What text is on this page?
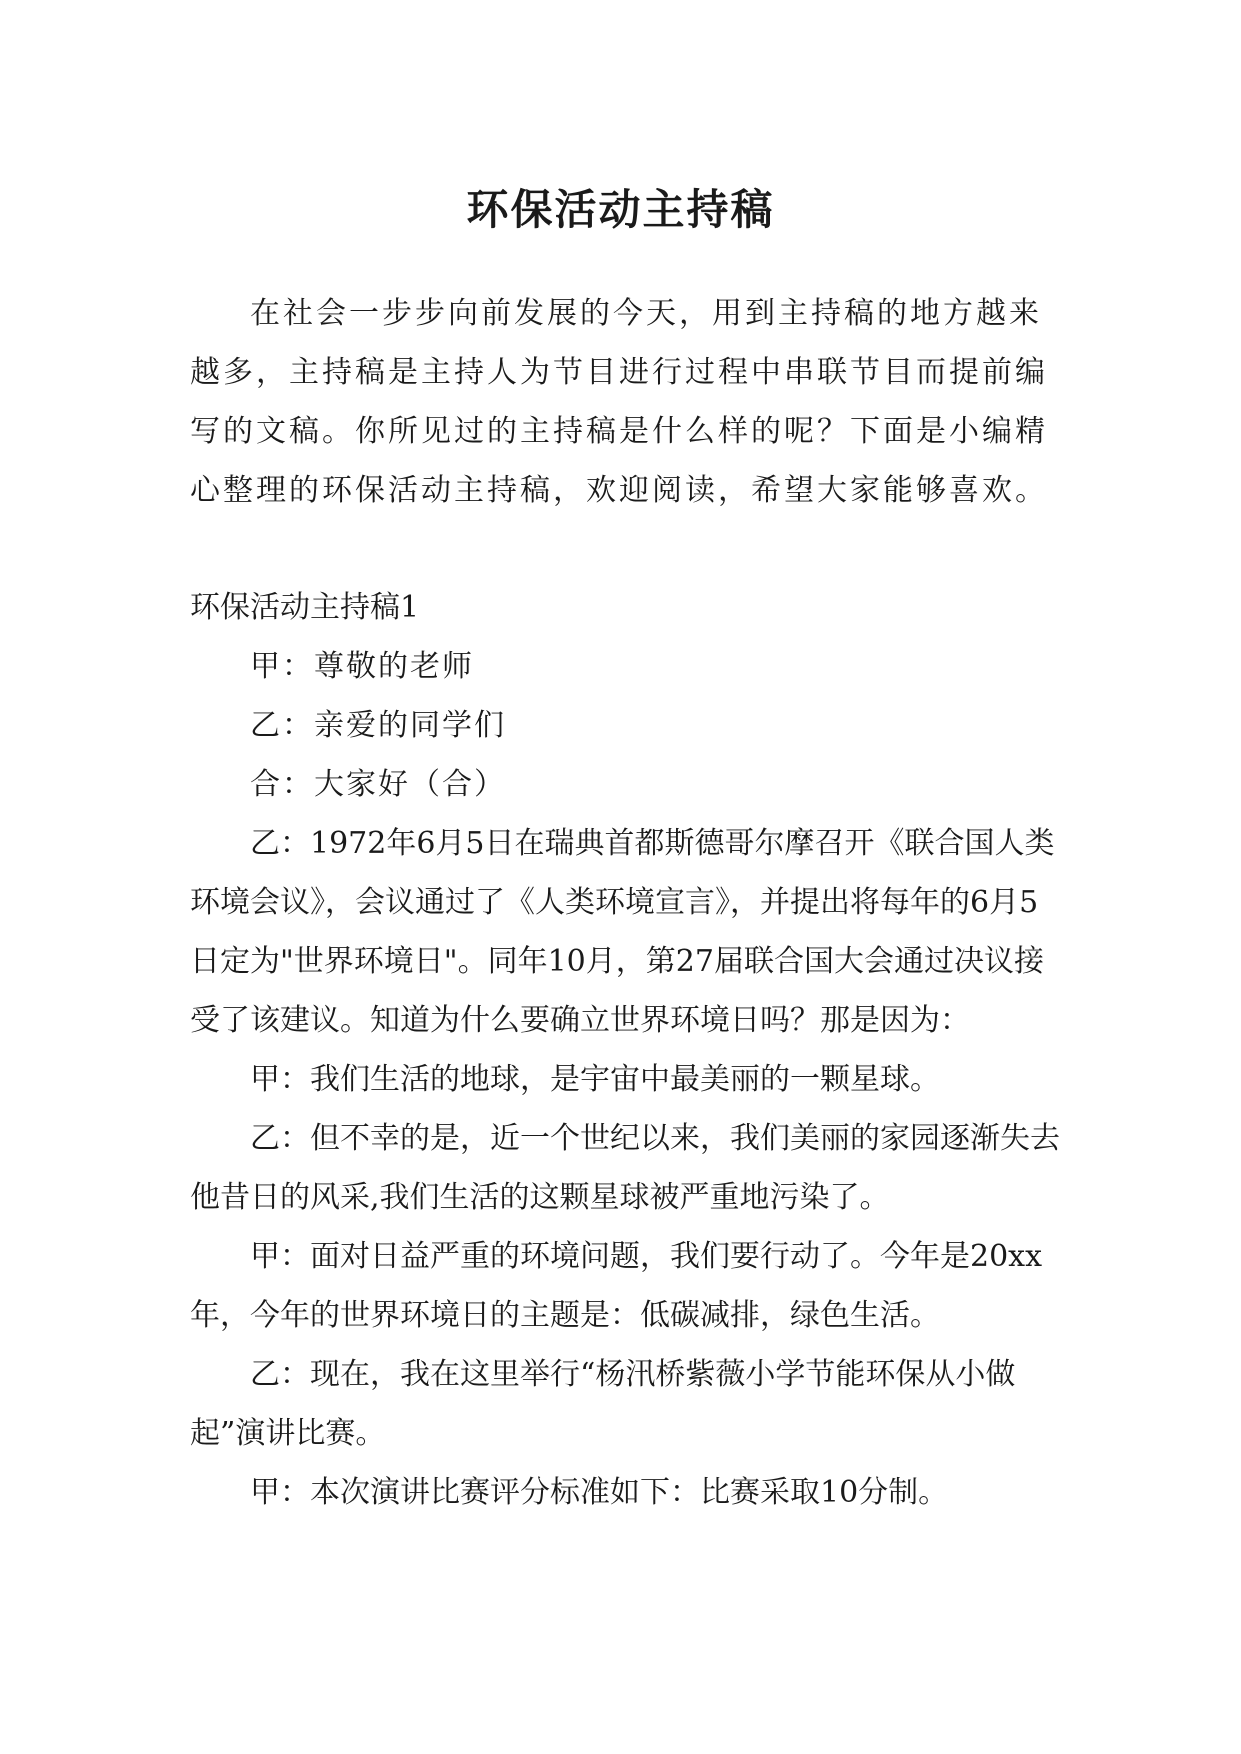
环保活动主持稿

在社会一步步向前发展的今天，用到主持稿的地方越来越多，主持稿是主持人为节目进行过程中串联节目而提前编写的文稿。你所见过的主持稿是什么样的呢？下面是小编精心整理的环保活动主持稿，欢迎阅读，希望大家能够喜欢。

环保活动主持稿1

甲：尊敬的老师

乙：亲爱的同学们

合：大家好（合）

乙：1972年6月5日在瑞典首都斯德哥尔摩召开《联合国人类环境会议》，会议通过了《人类环境宣言》，并提出将每年的6月5日定为"世界环境日"。同年10月，第27届联合国大会通过决议接受了该建议。知道为什么要确立世界环境日吗？那是因为：

甲：我们生活的地球，是宇宙中最美丽的一颗星球。

乙：但不幸的是，近一个世纪以来，我们美丽的家园逐渐失去他昔日的风采,我们生活的这颗星球被严重地污染了。

甲：面对日益严重的环境问题，我们要行动了。今年是20xx年，今年的世界环境日的主题是：低碳减排，绿色生活。

乙：现在，我在这里举行“杨汛桥紫薇小学节能环保从小做起”演讲比赛。

甲：本次演讲比赛评分标准如下：比赛采取10分制。
